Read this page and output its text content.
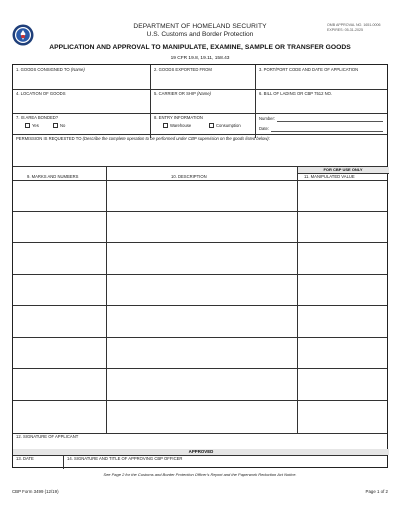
DEPARTMENT OF HOMELAND SECURITY
U.S. Customs and Border Protection
OMB APPROVAL NO. 1651-0006
EXPIRES: 05-31-2025
APPLICATION AND APPROVAL TO MANIPULATE, EXAMINE, SAMPLE OR TRANSFER GOODS
19 CFR 19.8, 19.11, 158.43
1. GOODS CONSIGNED TO (Name)	2. GOODS EXPORTED FROM	3. PORT/PORT CODE AND DATE OF APPLICATION
4. LOCATION OF GOODS	5. CARRIER OR SHIP (Name)	6. BILL OF LADING OR CBP 7512 NO.
7. IS AREA BONDED?
Yes	No
8. ENTRY INFORMATION
Warehouse	Consumption
Number:
Date:
PERMISSION IS REQUESTED TO (Describe the complete operation to be performed under CBP supervision on the goods listed below):
FOR CBP USE ONLY
9. MARKS AND NUMBERS	10. DESCRIPTION	11. MANIPULATED VALUE
12. SIGNATURE OF APPLICANT
APPROVED
13. DATE	14. SIGNATURE AND TITLE OF APPROVING CBP OFFICER
See Page 2 for the Customs and Border Protection Officer's Report and the Paperwork Reduction Act Notice.
CBP Form 3499 (12/19)	Page 1 of 2
